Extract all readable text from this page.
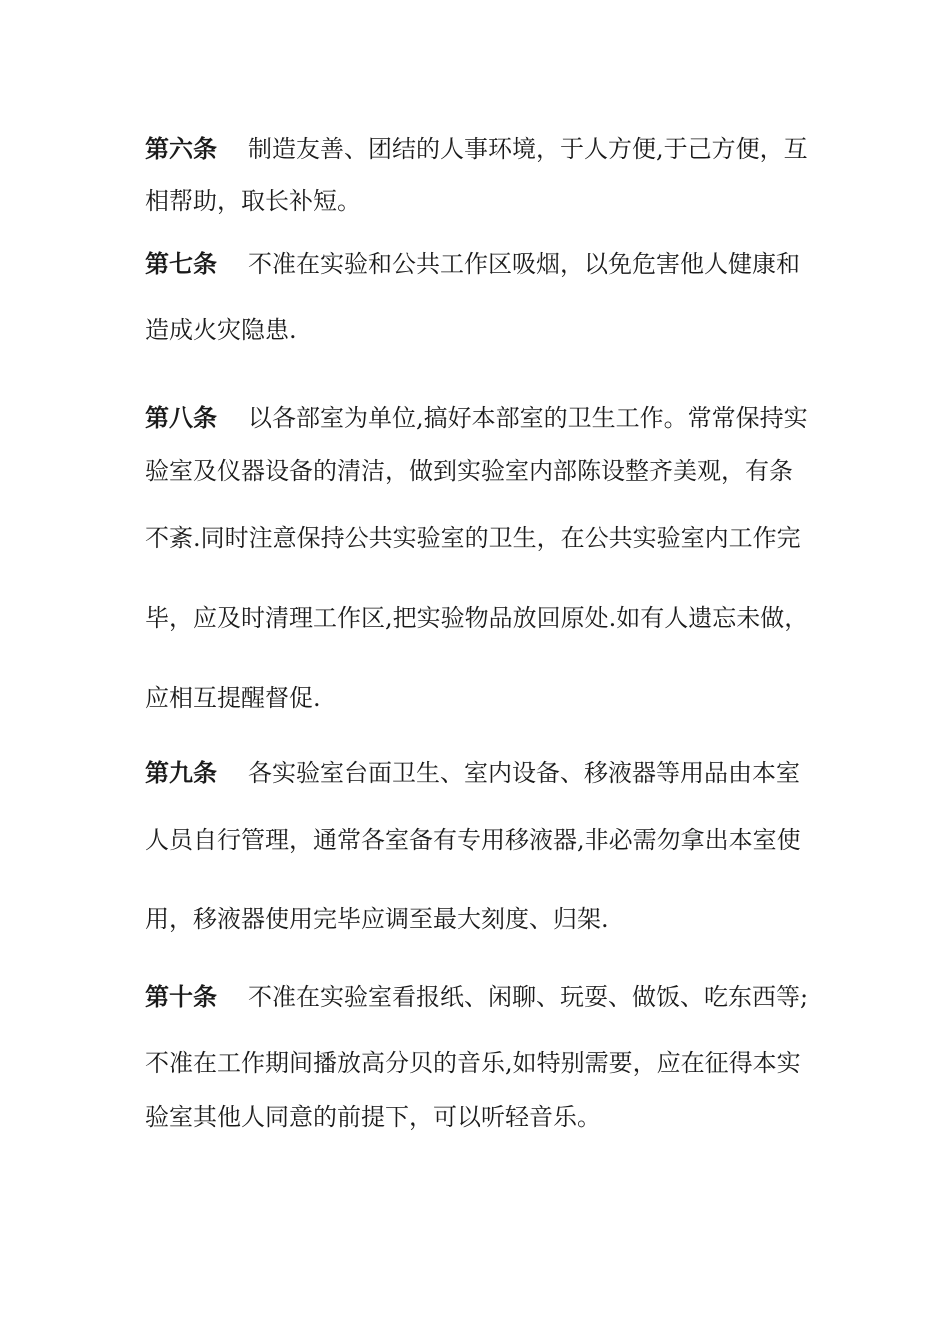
第六条 制造友善、团结的人事环境，于人方便,于己方便，互
相帮助，取长补短。
第七条 不准在实验和公共工作区吸烟，以免危害他人健康和
造成火灾隐患.
第八条 以各部室为单位,搞好本部室的卫生工作。常常保持实
验室及仪器设备的清洁，做到实验室内部陈设整齐美观，有条
不紊.同时注意保持公共实验室的卫生，在公共实验室内工作完
毕，应及时清理工作区,把实验物品放回原处.如有人遗忘未做，
应相互提醒督促.
第九条 各实验室台面卫生、室内设备、移液器等用品由本室
人员自行管理，通常各室备有专用移液器,非必需勿拿出本室使
用，移液器使用完毕应调至最大刻度、归架.
第十条 不准在实验室看报纸、闲聊、玩耍、做饭、吃东西等;
不准在工作期间播放高分贝的音乐,如特别需要，应在征得本实
验室其他人同意的前提下，可以听轻音乐。
